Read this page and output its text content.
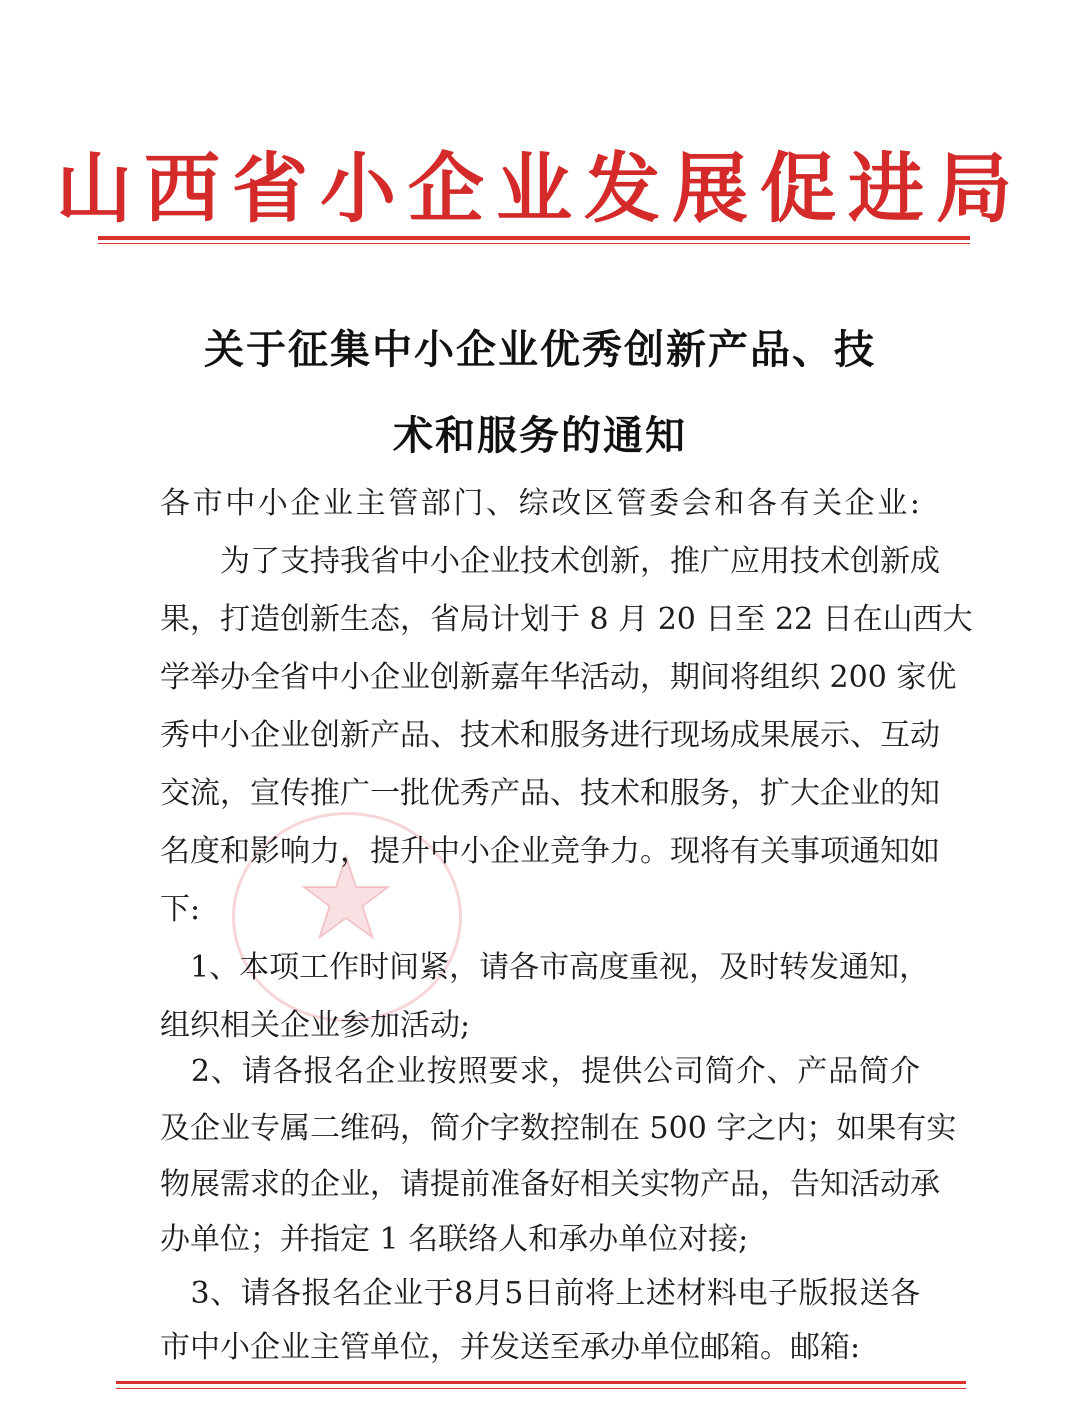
山西省小企业发展促进局
关于征集中小企业优秀创新产品、技
术和服务的通知
各市中小企业主管部门、综改区管委会和各有关企业:
　　为了支持我省中小企业技术创新，推广应用技术创新成
果，打造创新生态，省局计划于 8 月 20 日至 22 日在山西大
学举办全省中小企业创新嘉年华活动，期间将组织 200 家优
秀中小企业创新产品、技术和服务进行现场成果展示、互动
交流，宣传推广一批优秀产品、技术和服务，扩大企业的知
名度和影响力，提升中小企业竞争力。现将有关事项通知如
下:
　1、本项工作时间紧，请各市高度重视，及时转发通知，
组织相关企业参加活动;
　2、请各报名企业按照要求，提供公司简介、产品简介
及企业专属二维码，简介字数控制在 500 字之内；如果有实
物展需求的企业，请提前准备好相关实物产品，告知活动承
办单位；并指定 1 名联络人和承办单位对接;
　3、请各报名企业于8月5日前将上述材料电子版报送各
市中小企业主管单位，并发送至承办单位邮箱。邮箱:
